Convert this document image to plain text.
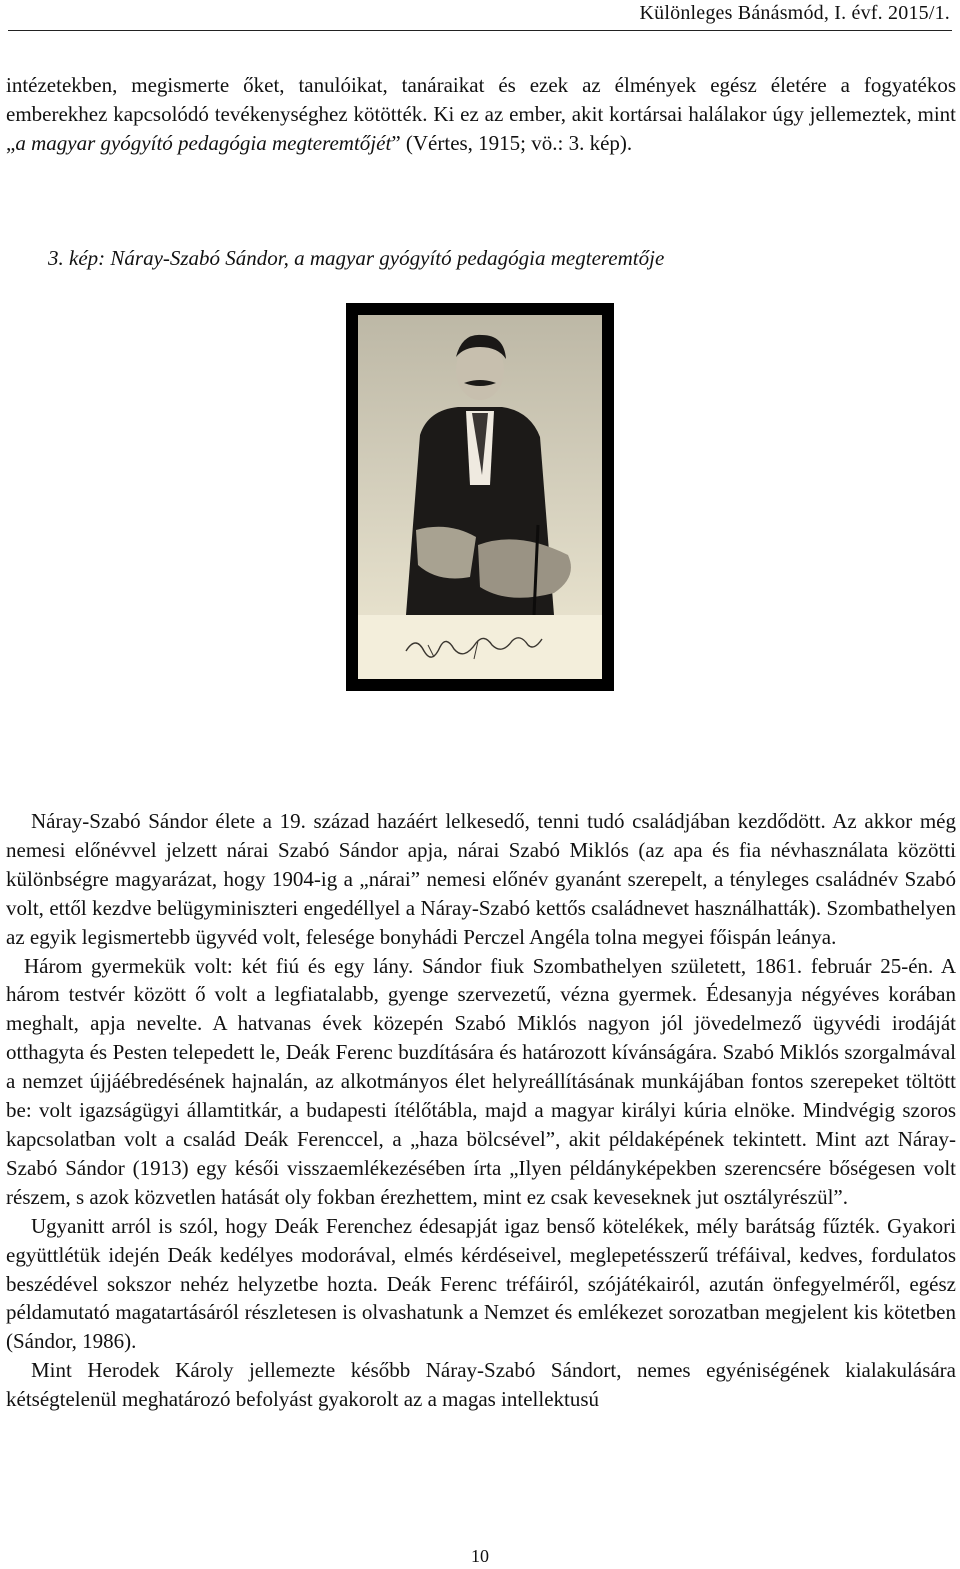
Különleges Bánásmód, I. évf. 2015/1.

intézetekben, megismerte őket, tanulóikat, tanáraikat és ezek az élmények egész életére a fogyatékos emberekhez kapcsolódó tevékenységhez kötötték. Ki ez az ember, akit kortársai halálakor úgy jellemeztek, mint „a magyar gyógyító pedagógia megteremtőjét” (Vértes, 1915; vö.: 3. kép).

3. kép: Náray-Szabó Sándor, a magyar gyógyító pedagógia megteremtője

Náray-Szabó Sándor élete a 19. század hazáért lelkesedő, tenni tudó családjában kezdődött. Az akkor még nemesi előnévvel jelzett nárai Szabó Sándor apja, nárai Szabó Miklós (az apa és fia névhasználata közötti különbségre magyarázat, hogy 1904-ig a „nárai” nemesi előnév gyanánt szerepelt, a tényleges családnév Szabó volt, ettől kezdve belügyminiszteri engedéllyel a Náray-Szabó kettős családnevet használhatták). Szombathelyen az egyik legismertebb ügyvéd volt, felesége bonyhádi Perczel Angéla tolna megyei főispán leánya.

Három gyermekük volt: két fiú és egy lány. Sándor fiuk Szombathelyen született, 1861. február 25-én. A három testvér között ő volt a legfiatalabb, gyenge szervezetű, vézna gyermek. Édesanyja négyéves korában meghalt, apja nevelte. A hatvanas évek közepén Szabó Miklós nagyon jól jövedelmező ügyvédi irodáját otthagyta és Pesten telepedett le, Deák Ferenc buzdítására és határozott kívánságára. Szabó Miklós szorgalmával a nemzet újjáébredésének hajnalán, az alkotmányos élet helyreállításának munkájában fontos szerepeket töltött be: volt igazságügyi államtitkár, a budapesti ítélőtábla, majd a magyar királyi kúria elnöke. Mindvégig szoros kapcsolatban volt a család Deák Ferenccel, a „haza bölcsével”, akit példaképének tekintett. Mint azt Náray-Szabó Sándor (1913) egy késői visszaemlékezésében írta „Ilyen példányképekben szerencsére bőségesen volt részem, s azok közvetlen hatását oly fokban érezhettem, mint ez csak keveseknek jut osztályrészül”.

Ugyanitt arról is szól, hogy Deák Ferenchez édesapját igaz benső kötelékek, mély barátság fűzték. Gyakori együttlétük idején Deák kedélyes modorával, elmés kérdéseivel, meglepetésszerű tréfáival, kedves, fordulatos beszédével sokszor nehéz helyzetbe hozta. Deák Ferenc tréfáiról, szójátékairól, azután önfegyelméről, egész példamutató magatartásáról részletesen is olvashatunk a Nemzet és emlékezet sorozatban megjelent kis kötetben (Sándor, 1986).

Mint Herodek Károly jellemezte később Náray-Szabó Sándort, nemes egyéniségének kialakulására kétségtelenül meghatározó befolyást gyakorolt az a magas intellektusú

10
